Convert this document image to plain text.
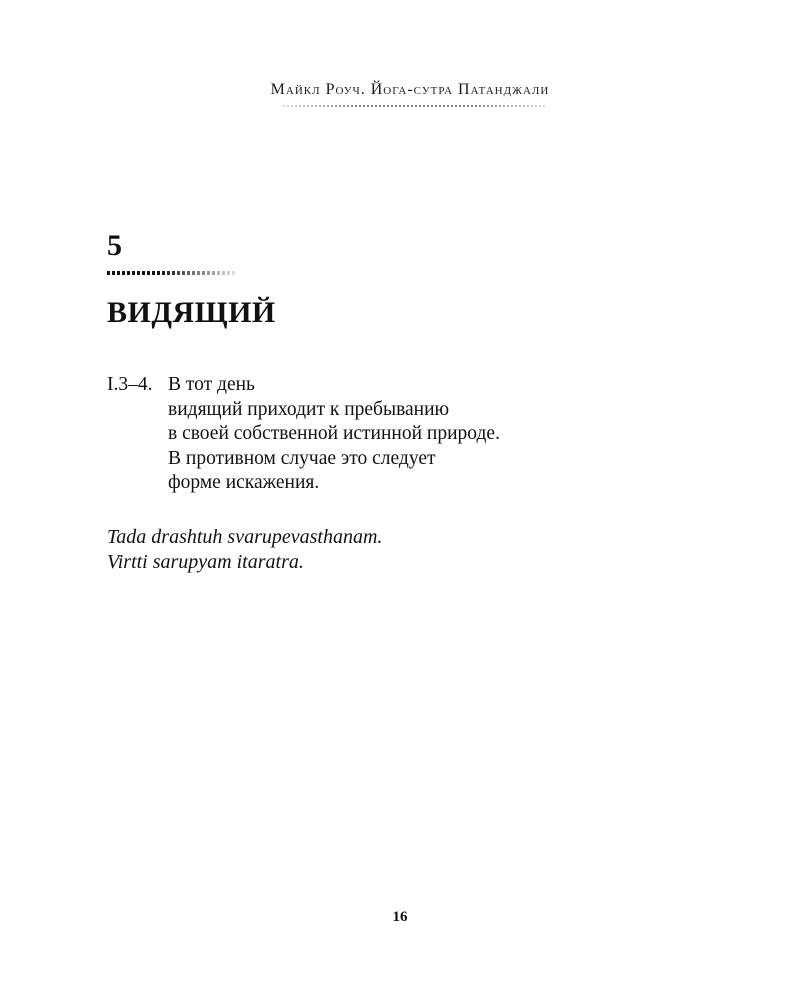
Майкл Роуч. Йога-сутра Патанджали
5
ВИДЯЩИЙ
I.3–4. В тот день
видящий приходит к пребыванию
в своей собственной истинной природе.
В противном случае это следует
форме искажения.
Tada drashtuh svarupevasthanam.
Virtti sarupyam itaratra.
16
